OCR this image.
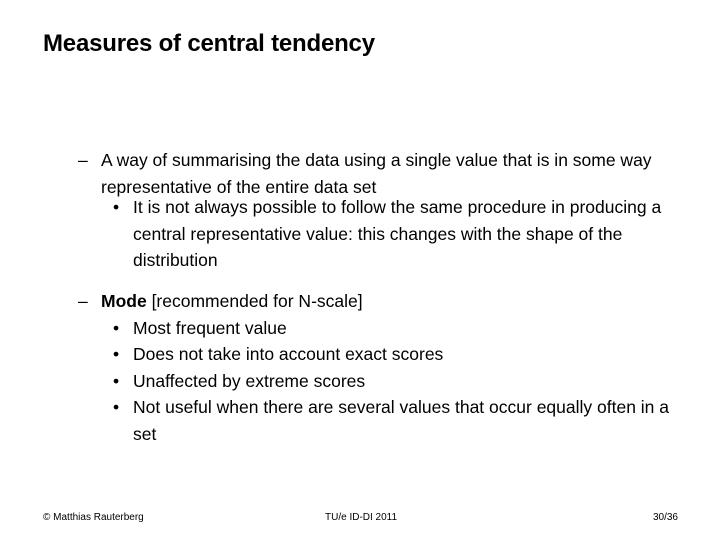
Measures of central tendency
– A way of summarising the data using a single value that is in some way representative of the entire data set
• It is not always possible to follow the same procedure in producing a central representative value: this changes with the shape of the distribution
– Mode [recommended for N-scale]
• Most frequent value
• Does not take into account exact scores
• Unaffected by extreme scores
• Not useful when there are several values that occur equally often in a set
© Matthias Rauterberg	TU/e ID-DI 2011	30/36
